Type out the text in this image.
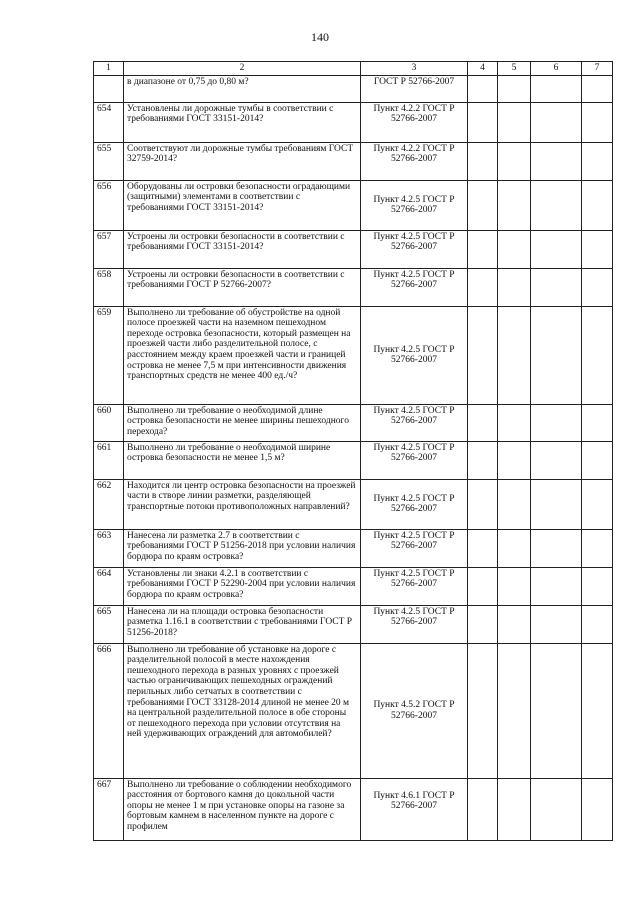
140
1	2	3	4	5	6	7
	в диапазоне от 0,75 до 0,80 м?	ГОСТ Р 52766-2007				
654	Установлены ли дорожные тумбы в соответствии с требованиями ГОСТ 33151-2014?	Пункт 4.2.2 ГОСТ Р 52766-2007				
655	Соответствуют ли дорожные тумбы требованиям ГОСТ 32759-2014?	Пункт 4.2.2 ГОСТ Р 52766-2007				
656	Оборудованы ли островки безопасности оградающими (защитными) элементами в соответствии с требованиями ГОСТ 33151-2014?	Пункт 4.2.5 ГОСТ Р 52766-2007				
657	Устроены ли островки безопасности в соответствии с требованиями ГОСТ 33151-2014?	Пункт 4.2.5 ГОСТ Р 52766-2007				
658	Устроены ли островки безопасности в соответствии с требованиями ГОСТ Р 52766-2007?	Пункт 4.2.5 ГОСТ Р 52766-2007				
659	Выполнено ли требование об обустройстве на одной полосе проезжей части на наземном пешеходном переходе островка безопасности, который размещен на проезжей части либо разделительной полосе, с расстоянием между краем проезжей части и границей островка не менее 7,5 м при интенсивности движения транспортных средств не менее 400 ед./ч?	Пункт 4.2.5 ГОСТ Р 52766-2007				
660	Выполнено ли требование о необходимой длине островка безопасности не менее ширины пешеходного перехода?	Пункт 4.2.5 ГОСТ Р 52766-2007				
661	Выполнено ли требование о необходимой ширине островка безопасности не менее 1,5 м?	Пункт 4.2.5 ГОСТ Р 52766-2007				
662	Находится ли центр островка безопасности на проезжей части в створе линии разметки, разделяющей транспортные потоки противоположных направлений?	Пункт 4.2.5 ГОСТ Р 52766-2007				
663	Нанесена ли разметка 2.7 в соответствии с требованиями ГОСТ Р 51256-2018 при условии наличия бордюра по краям островка?	Пункт 4.2.5 ГОСТ Р 52766-2007				
664	Установлены ли знаки 4.2.1 в соответствии с требованиями ГОСТ Р 52290-2004 при условии наличия бордюра по краям островка?	Пункт 4.2.5 ГОСТ Р 52766-2007				
665	Нанесена ли на площади островка безопасности разметка 1.16.1 в соответствии с требованиями ГОСТ Р 51256-2018?	Пункт 4.2.5 ГОСТ Р 52766-2007				
666	Выполнено ли требование об установке на дороге с разделительной полосой в месте нахождения пешеходного перехода в разных уровнях с проезжей частью ограничивающих пешеходных ограждений перильных либо сетчатых в соответствии с требованиями ГОСТ 33128-2014 длиной не менее 20 м на центральной разделительной полосе в обе стороны от пешеходного перехода при условии отсутствия на ней удерживающих ограждений для автомобилей?	Пункт 4.5.2 ГОСТ Р 52766-2007				
667	Выполнено ли требование о соблюдении необходимого расстояния от бортового камня до цокольной части опоры не менее 1 м при установке опоры на газоне за бортовым камнем в населенном пункте на дороге с профилем	Пункт 4.6.1 ГОСТ Р 52766-2007				
